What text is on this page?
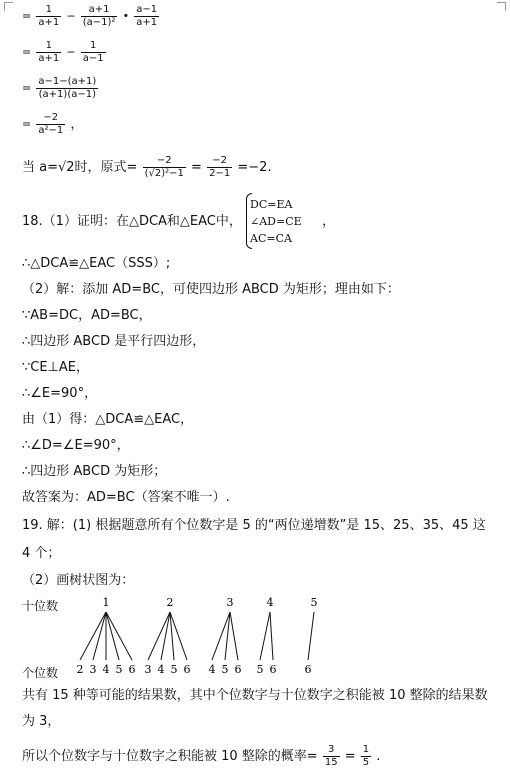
= $\frac{1}{a+1} - \frac{a+1}{\text{(a−1)²}}$ • $\frac{a-1}{a+1}$
= $\frac{1}{a+1} - \frac{1}{a-1}$
= $\frac{a-1-(a+1)}{(a+1)(a-1)}$
= $\frac{-2}{\text{a²−1}}$ ，
当 a=√2时，原式= $\frac{-2}{\text{(√2)²−1}} = \frac{-2}{2-1} =-2$.
18.（1）证明：在△DCA和△EAC中，
DC=EA
∠AD=CE
AC=CA
，
∴△DCA≌△EAC（SSS）;
（2）解：添加 AD=BC，可使四边形 ABCD 为矩形；理由如下：
∵AB=DC，AD=BC，
∴四边形 ABCD 是平行四边形，
∵CE⊥AE，
∴∠E=90°，
由（1）得：△DCA≌△EAC，
∴∠D=∠E=90°，
∴四边形 ABCD 为矩形；
故答案为：AD=BC（答案不唯一）.
19. 解：(1) 根据题意所有个位数字是 5 的“两位递增数”是 15、25、35、45 这
4 个；
（2）画树状图为：
十位数
个位数
1
2 3 4 5 6
2
3 4 5 6
3
4 5 6
4
5 6
5
6
共有 15 种等可能的结果数，其中个位数字与十位数字之积能被 10 整除的结果数
为 3，
所以个位数字与十位数字之积能被 10 整除的概率= $\frac{3}{15} = \frac{1}{5}$ .
